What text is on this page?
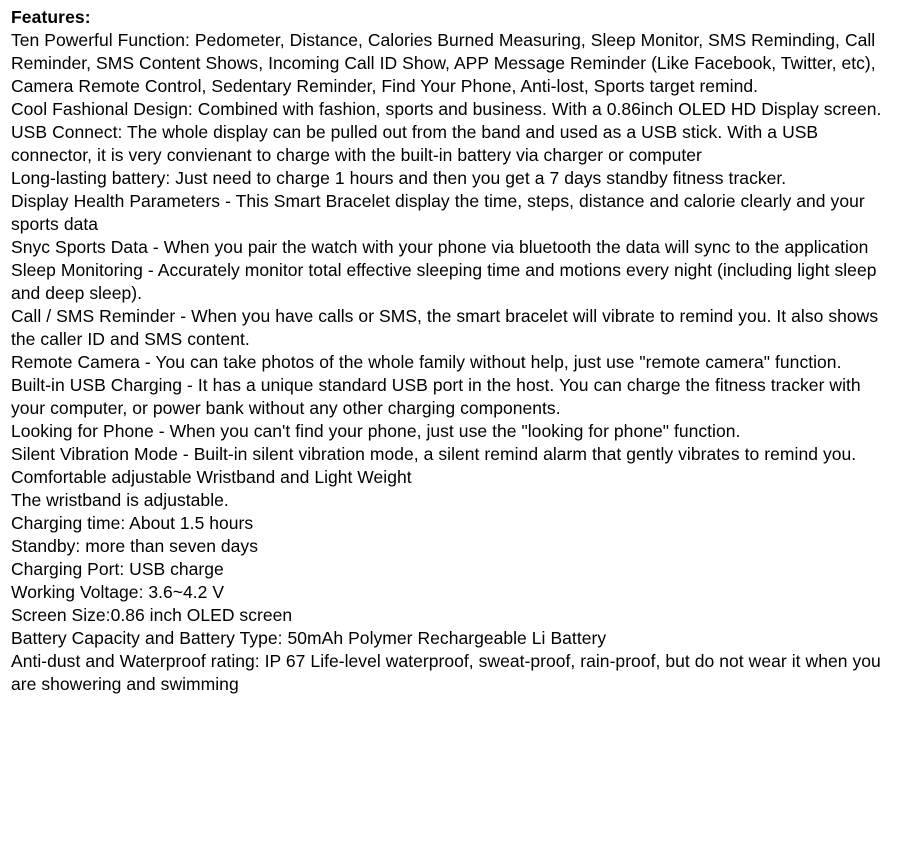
Features:

Ten Powerful Function: Pedometer, Distance, Calories Burned Measuring, Sleep Monitor, SMS Reminding, Call Reminder, SMS Content Shows, Incoming Call ID Show, APP Message Reminder (Like Facebook, Twitter, etc), Camera Remote Control, Sedentary Reminder, Find Your Phone, Anti-lost, Sports target remind.

Cool Fashional Design: Combined with fashion, sports and business. With a 0.86inch OLED HD Display screen.

USB Connect: The whole display can be pulled out from the band and used as a USB stick. With a USB connector, it is very convienant to charge with the built-in battery via charger or computer

Long-lasting battery: Just need to charge 1 hours and then you get a 7 days standby fitness tracker.

Display Health Parameters - This Smart Bracelet display the time, steps, distance and calorie clearly and your sports data

Snyc Sports Data - When you pair the watch with your phone via bluetooth the data will sync to the application

Sleep Monitoring - Accurately monitor total effective sleeping time and motions every night (including light sleep and deep sleep).

Call / SMS Reminder - When you have calls or SMS, the smart bracelet will vibrate to remind you. It also shows the caller ID and SMS content.

Remote Camera - You can take photos of the whole family without help, just use "remote camera" function.

Built-in USB Charging - It has a unique standard USB port in the host. You can charge the fitness tracker with your computer, or power bank without any other charging components.

Looking for Phone - When you can't find your phone, just use the "looking for phone" function.

Silent Vibration Mode - Built-in silent vibration mode, a silent remind alarm that gently vibrates to remind you.

Comfortable adjustable Wristband and Light Weight

The wristband is adjustable.

Charging time: About 1.5 hours

Standby: more than seven days

Charging Port: USB charge

Working Voltage: 3.6~4.2 V

Screen Size:0.86 inch OLED screen

Battery Capacity and Battery Type: 50mAh Polymer Rechargeable Li Battery

Anti-dust and Waterproof rating: IP 67 Life-level waterproof, sweat-proof, rain-proof, but do not wear it when you are showering and swimming
